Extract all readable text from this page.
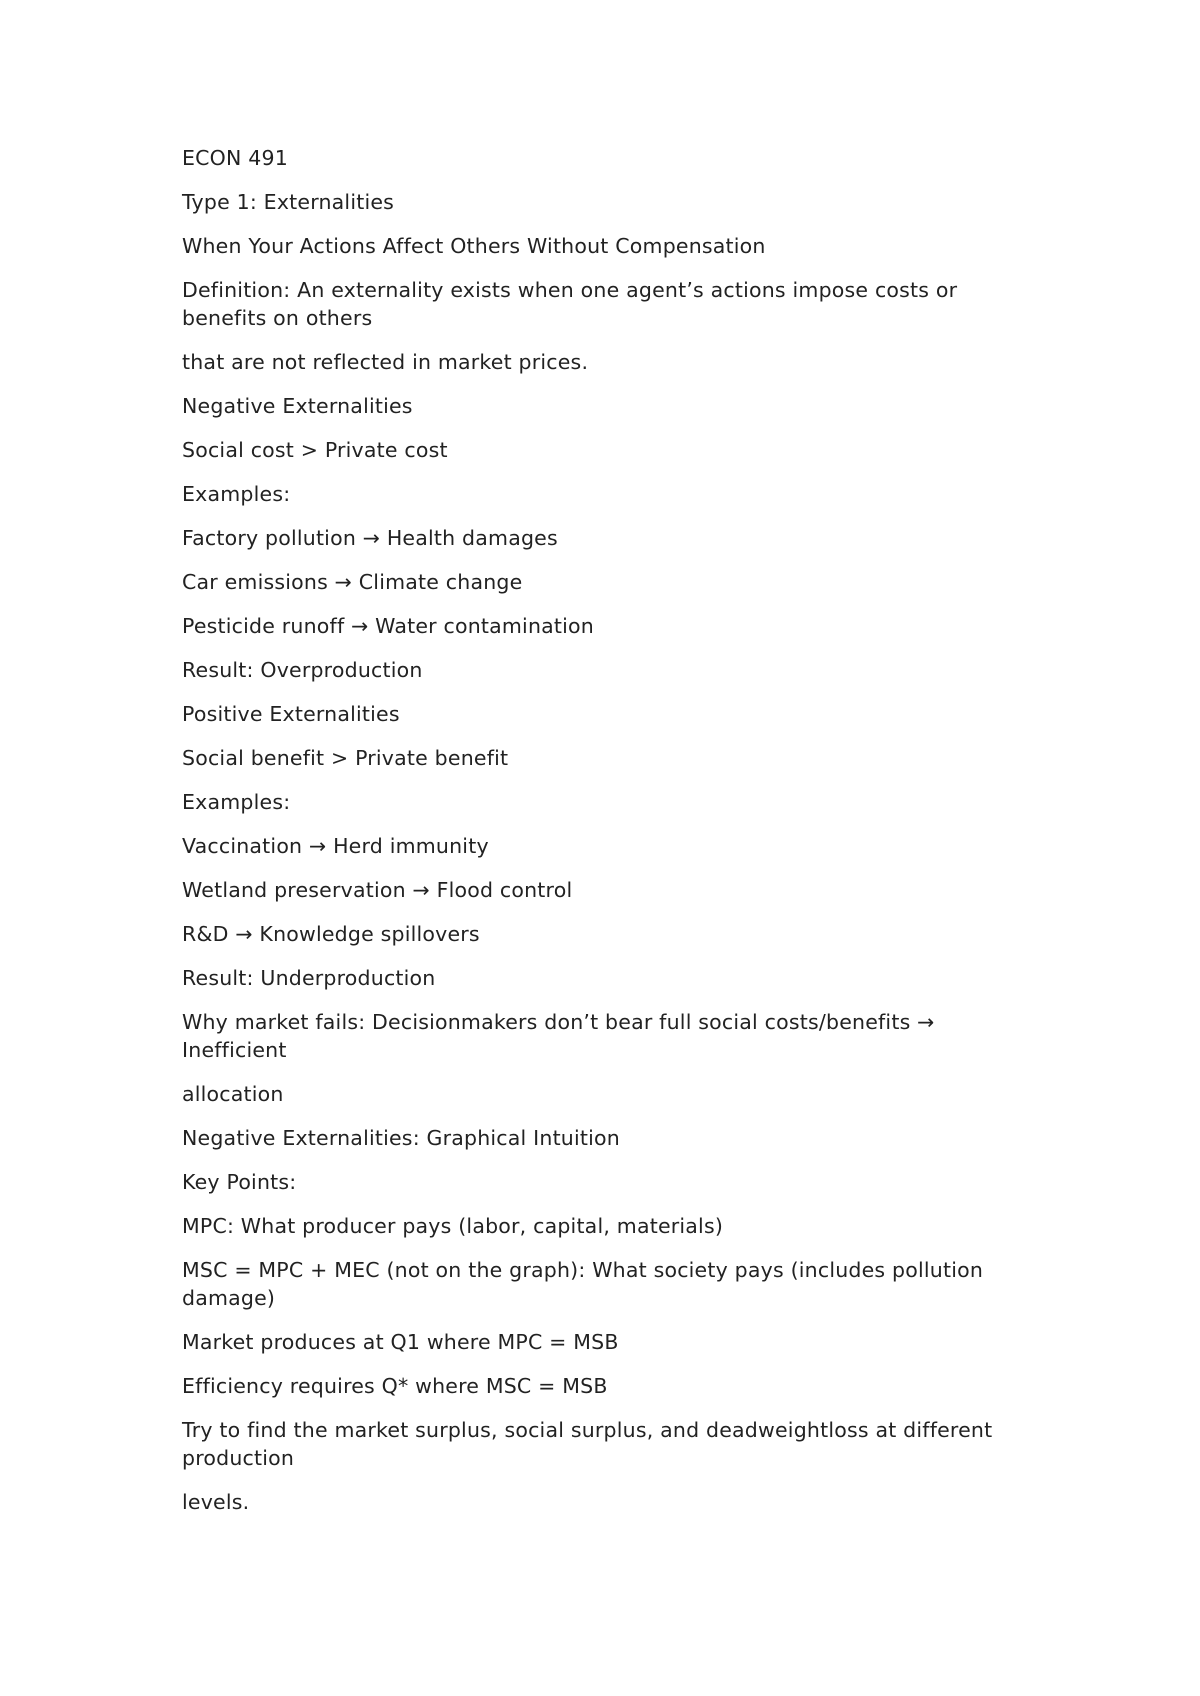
ECON 491

Type 1: Externalities

When Your Actions Affect Others Without Compensation

Definition: An externality exists when one agent’s actions impose costs or benefits on others

that are not reflected in market prices.

Negative Externalities

Social cost > Private cost

Examples:

Factory pollution → Health damages

Car emissions → Climate change

Pesticide runoff → Water contamination

Result: Overproduction

Positive Externalities

Social benefit > Private benefit

Examples:

Vaccination → Herd immunity

Wetland preservation → Flood control

R&D → Knowledge spillovers

Result: Underproduction

Why market fails: Decisionmakers don’t bear full social costs/benefits → Inefficient

allocation

Negative Externalities: Graphical Intuition

Key Points:

MPC: What producer pays (labor, capital, materials)

MSC = MPC + MEC (not on the graph): What society pays (includes pollution damage)

Market produces at Q1 where MPC = MSB

Efficiency requires Q* where MSC = MSB

Try to find the market surplus, social surplus, and deadweightloss at different production

levels.
